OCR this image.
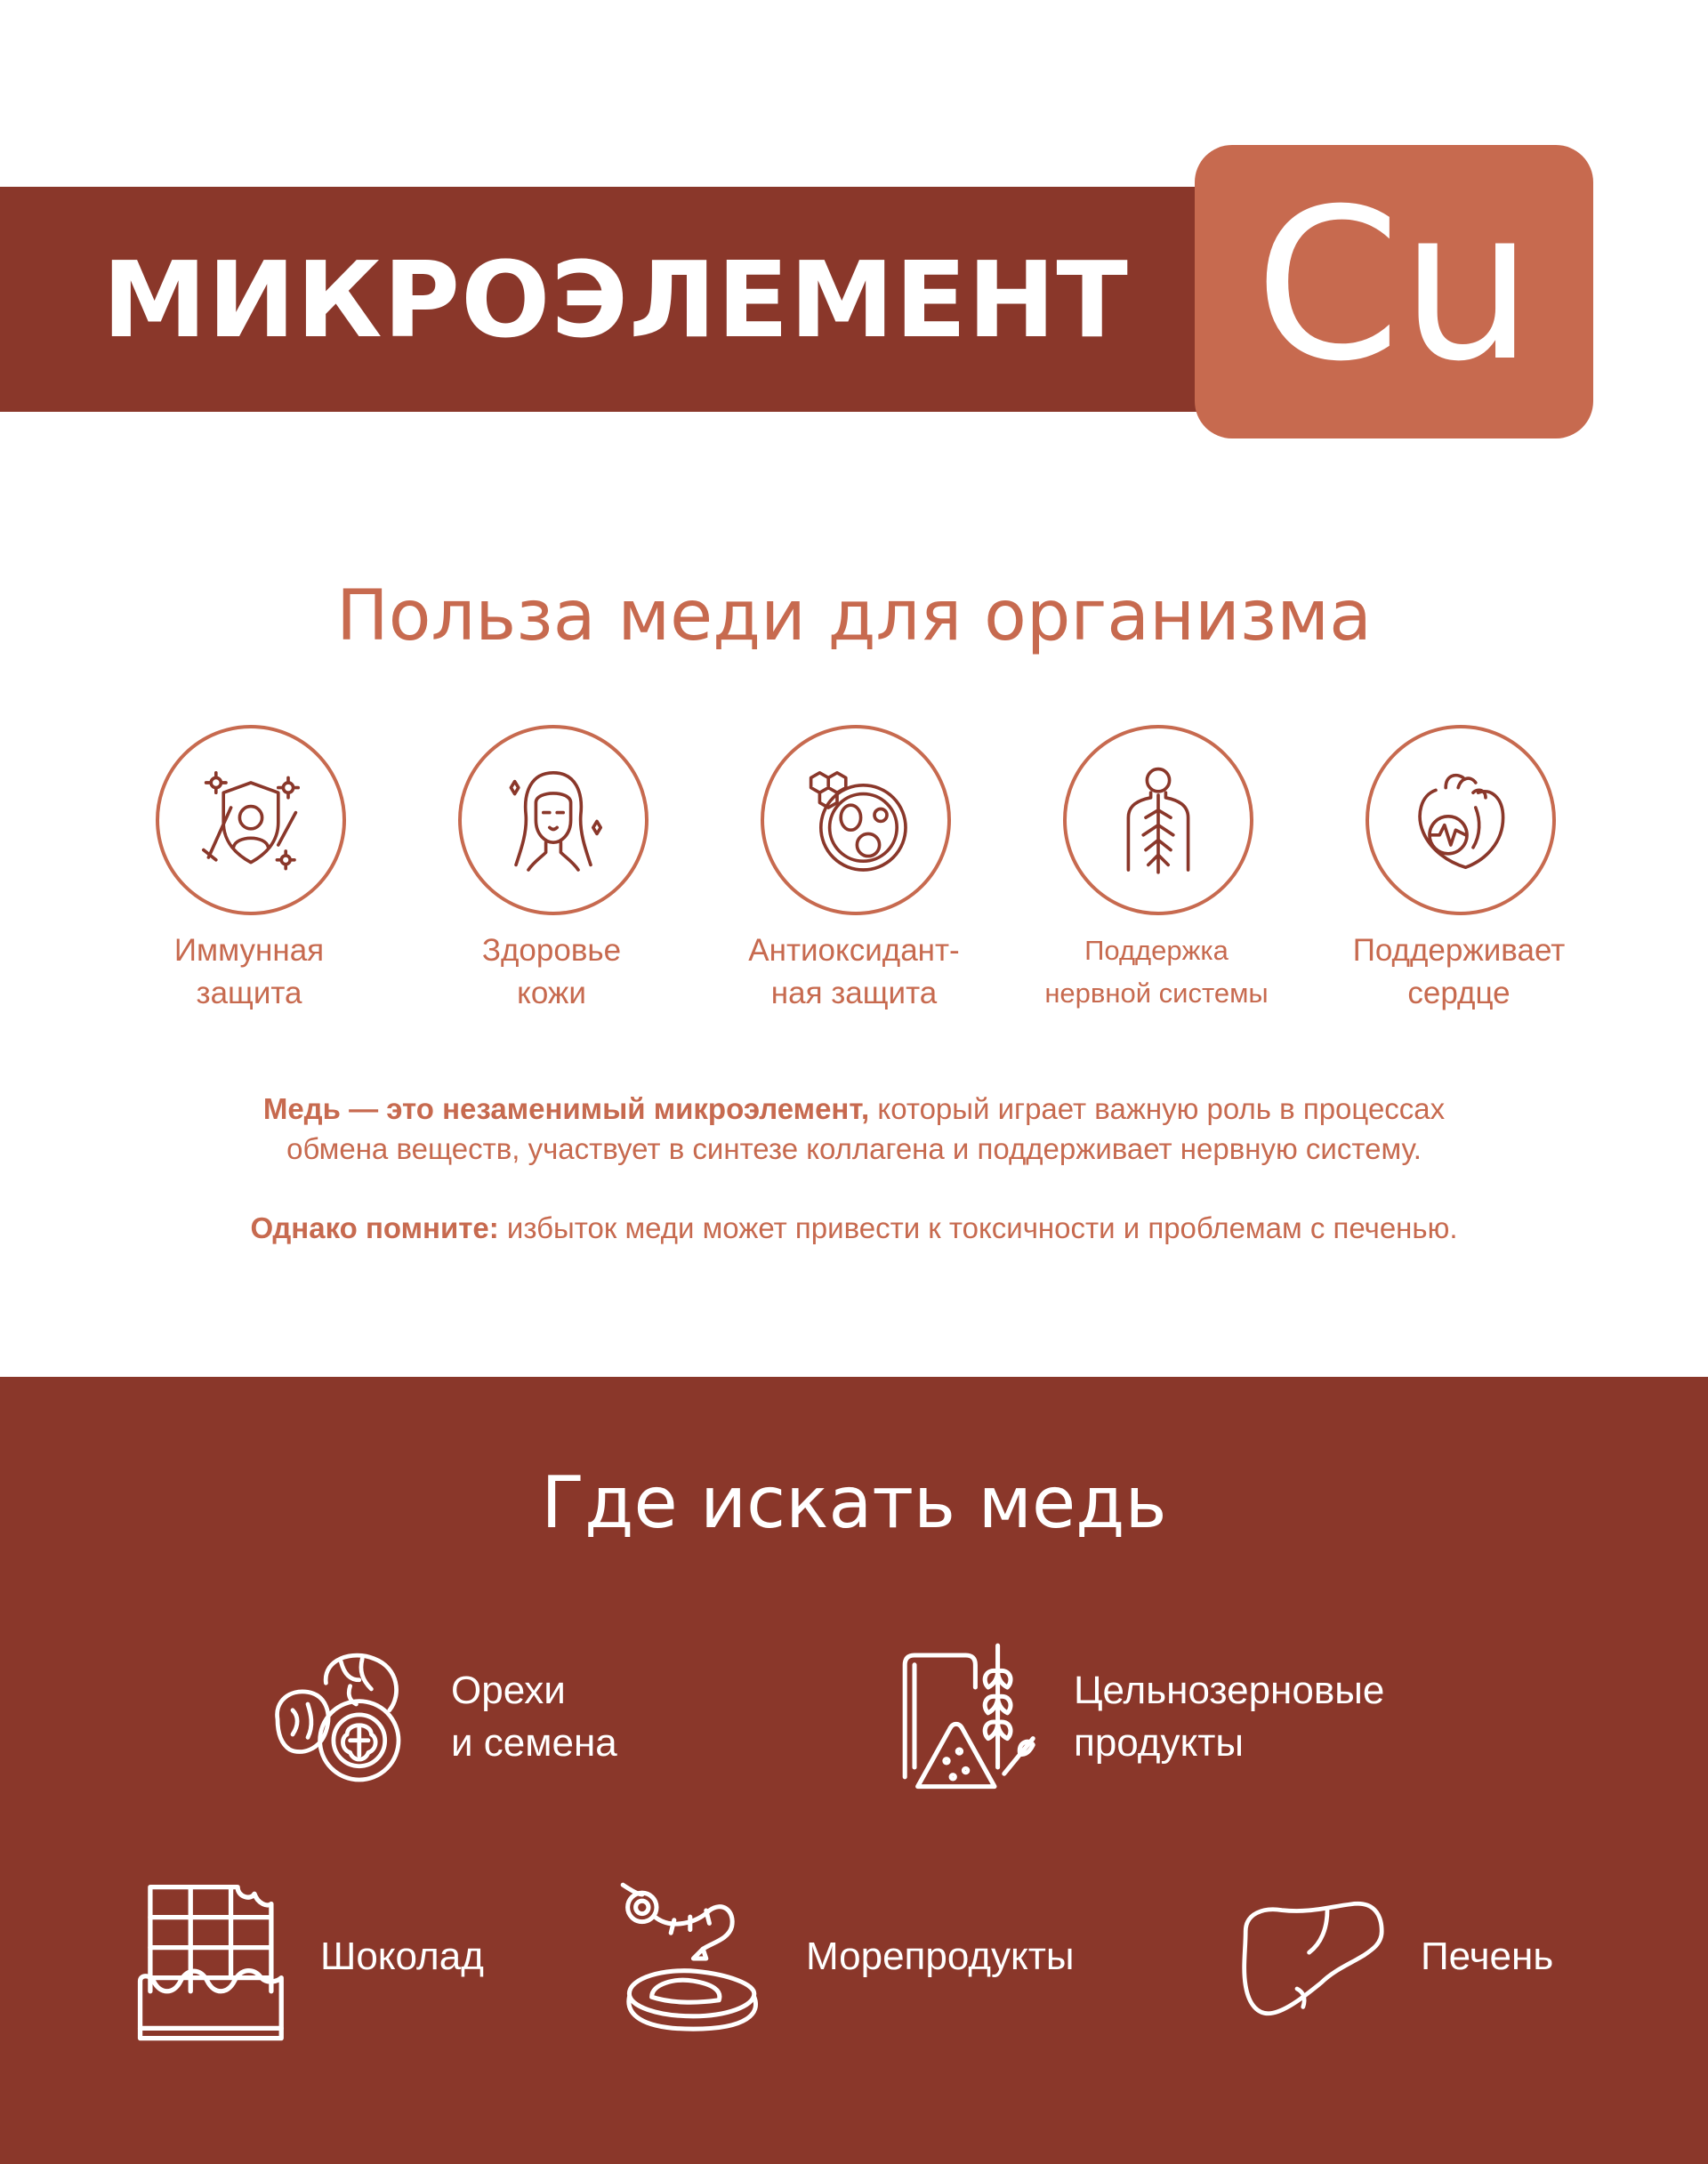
МИКРОЭЛЕМЕНТ Cu
Польза меди для организма
Иммунная
защита
Здоровье
кожи
Антиоксидант-
ная защита
Поддержка
нервной системы
Поддерживает
сердце
Медь — это незаменимый микроэлемент, который играет важную роль в процессах
обмена веществ, участвует в синтезе коллагена и поддерживает нервную систему.
Однако помните: избыток меди может привести к токсичности и проблемам с печенью.
Где искать медь
Орехи
и семена
Цельнозерновые
продукты
Шоколад	Морепродукты	Печень
